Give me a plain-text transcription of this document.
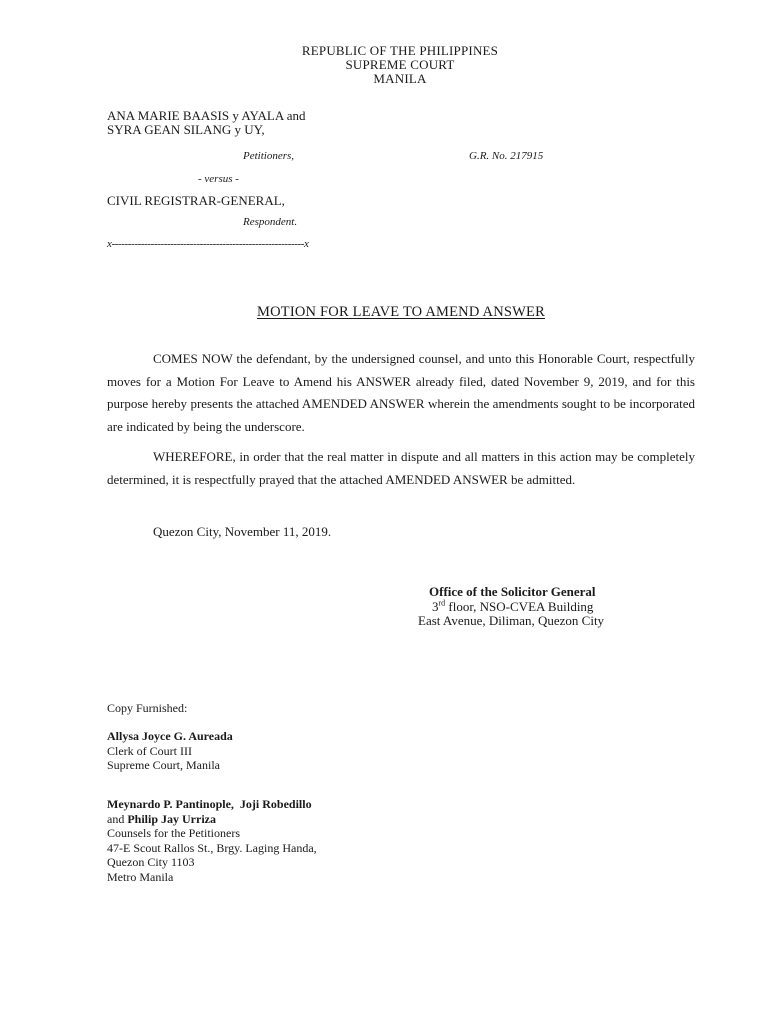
REPUBLIC OF THE PHILIPPINES
SUPREME COURT
MANILA
ANA MARIE BAASIS y AYALA and
SYRA GEAN SILANG y UY,
Petitioners,	G.R. No. 217915
- versus -
CIVIL REGISTRAR-GENERAL,
Respondent.
x-----------------------------------------------------------x
MOTION FOR LEAVE TO AMEND ANSWER

COMES NOW the defendant, by the undersigned counsel, and unto this Honorable Court, respectfully moves for a Motion For Leave to Amend his ANSWER already filed, dated November 9, 2019, and for this purpose hereby presents the attached AMENDED ANSWER wherein the amendments sought to be incorporated are indicated by being the underscore.

WHEREFORE, in order that the real matter in dispute and all matters in this action may be completely determined, it is respectfully prayed that the attached AMENDED ANSWER be admitted.

Quezon City, November 11, 2019.
Office of the Solicitor General
3rd floor, NSO-CVEA Building
East Avenue, Diliman, Quezon City
Copy Furnished:
Allysa Joyce G. Aureada
Clerk of Court III
Supreme Court, Manila
Meynardo P. Pantinople,  Joji Robedillo
and Philip Jay Urriza
Counsels for the Petitioners
47-E Scout Rallos St., Brgy. Laging Handa,
Quezon City 1103
Metro Manila
